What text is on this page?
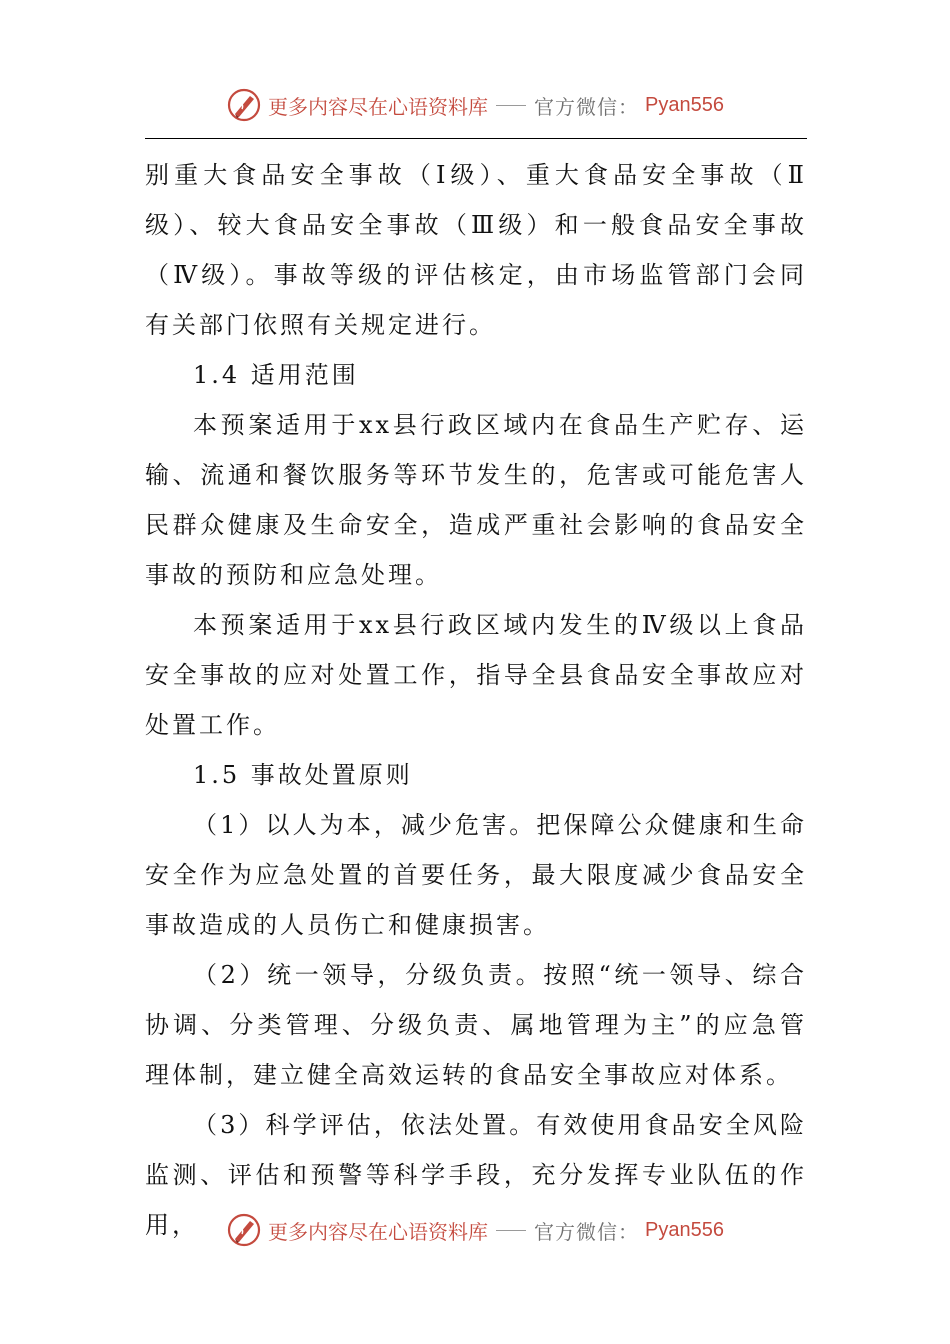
更多内容尽在心语资料库 官方微信： Pyan556

别重大食品安全事故（Ⅰ级）、重大食品安全事故（Ⅱ级）、较大食品安全事故（Ⅲ级）和一般食品安全事故（Ⅳ级）。事故等级的评估核定，由市场监管部门会同有关部门依照有关规定进行。

1.4 适用范围

本预案适用于xx县行政区域内在食品生产贮存、运输、流通和餐饮服务等环节发生的，危害或可能危害人民群众健康及生命安全，造成严重社会影响的食品安全事故的预防和应急处理。

本预案适用于xx县行政区域内发生的Ⅳ级以上食品安全事故的应对处置工作，指导全县食品安全事故应对处置工作。

1.5 事故处置原则

（1）以人为本，减少危害。把保障公众健康和生命安全作为应急处置的首要任务，最大限度减少食品安全事故造成的人员伤亡和健康损害。

（2）统一领导，分级负责。按照“统一领导、综合协调、分类管理、分级负责、属地管理为主”的应急管理体制，建立健全高效运转的食品安全事故应对体系。

（3）科学评估，依法处置。有效使用食品安全风险监测、评估和预警等科学手段，充分发挥专业队伍的作用，	更多内容尽在心语资料库 官方微信： Pyan556
